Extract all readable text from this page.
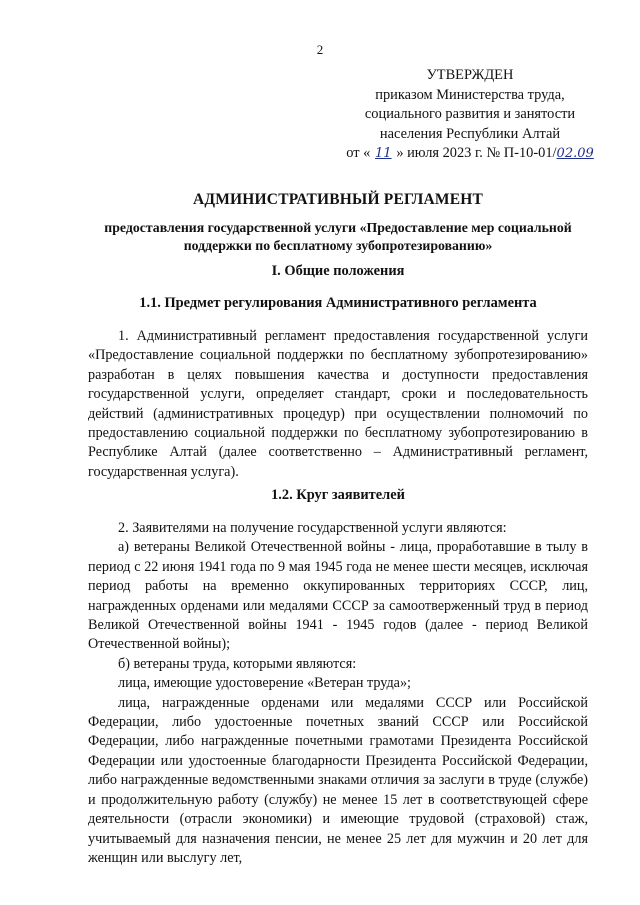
2
УТВЕРЖДЕН
приказом Министерства труда,
социального развития и занятости
населения Республики Алтай
от « 11 » июля 2023 г. № П-10-01/02.09
АДМИНИСТРАТИВНЫЙ РЕГЛАМЕНТ
предоставления государственной услуги «Предоставление мер социальной поддержки по бесплатному зубопротезированию»
I. Общие положения
1.1. Предмет регулирования Административного регламента

1. Административный регламент предоставления государственной услуги «Предоставление социальной поддержки по бесплатному зубопротезированию» разработан в целях повышения качества и доступности предоставления государственной услуги, определяет стандарт, сроки и последовательность действий (административных процедур) при осуществлении полномочий по предоставлению социальной поддержки по бесплатному зубопротезированию в Республике Алтай (далее соответственно – Административный регламент, государственная услуга).

1.2. Круг заявителей

2. Заявителями на получение государственной услуги являются:

а) ветераны Великой Отечественной войны - лица, проработавшие в тылу в период с 22 июня 1941 года по 9 мая 1945 года не менее шести месяцев, исключая период работы на временно оккупированных территориях СССР, лиц, награжденных орденами или медалями СССР за самоотверженный труд в период Великой Отечественной войны 1941 - 1945 годов (далее - период Великой Отечественной войны);

б) ветераны труда, которыми являются:

лица, имеющие удостоверение «Ветеран труда»;

лица, награжденные орденами или медалями СССР или Российской Федерации, либо удостоенные почетных званий СССР или Российской Федерации, либо награжденные почетными грамотами Президента Российской Федерации или удостоенные благодарности Президента Российской Федерации, либо награжденные ведомственными знаками отличия за заслуги в труде (службе) и продолжительную работу (службу) не менее 15 лет в соответствующей сфере деятельности (отрасли экономики) и имеющие трудовой (страховой) стаж, учитываемый для назначения пенсии, не менее 25 лет для мужчин и 20 лет для женщин или выслугу лет,
